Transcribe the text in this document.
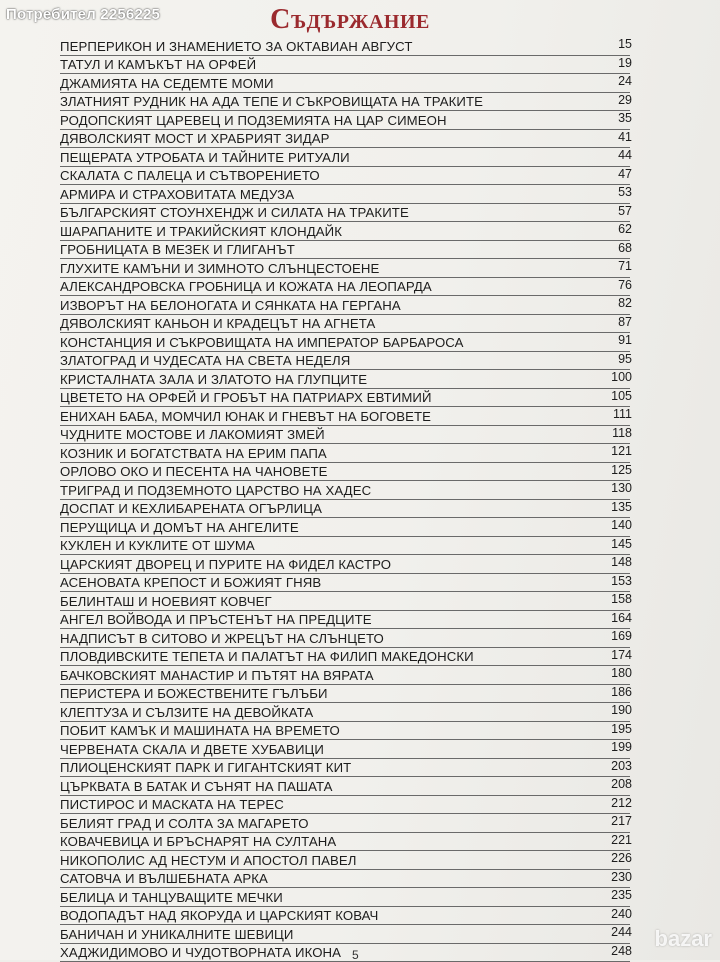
Потребител 2256225	Съдържание
ПЕРПЕРИКОН И ЗНАМЕНИЕТО ЗА ОКТАВИАН АВГУСТ	15
ТАТУЛ И КАМЪКЪТ НА ОРФЕЙ	19
ДЖАМИЯТА НА СЕДЕМТЕ МОМИ	24
ЗЛАТНИЯТ РУДНИК НА АДА ТЕПЕ И СЪКРОВИЩАТА НА ТРАКИТЕ	29
РОДОПСКИЯТ ЦАРЕВЕЦ И ПОДЗЕМИЯТА НА ЦАР СИМЕОН	35
ДЯВОЛСКИЯТ МОСТ И ХРАБРИЯТ ЗИДАР	41
ПЕЩЕРАТА УТРОБАТА И ТАЙНИТЕ РИТУАЛИ	44
СКАЛАТА С ПАЛЕЦА И СЪТВОРЕНИЕТО	47
АРМИРА И СТРАХОВИТАТА МЕДУЗА	53
БЪЛГАРСКИЯТ СТОУНХЕНДЖ И СИЛАТА НА ТРАКИТЕ	57
ШАРАПАНИТЕ И ТРАКИЙСКИЯТ КЛОНДАЙК	62
ГРОБНИЦАТА В МЕЗЕК И ГЛИГАНЪТ	68
ГЛУХИТЕ КАМЪНИ И ЗИМНОТО СЛЪНЦЕСТОЕНЕ	71
АЛЕКСАНДРОВСКА ГРОБНИЦА И КОЖАТА НА ЛЕОПАРДА	76
ИЗВОРЪТ НА БЕЛОНОГАТА И СЯНКАТА НА ГЕРГАНА	82
ДЯВОЛСКИЯТ КАНЬОН И КРАДЕЦЪТ НА АГНЕТА	87
КОНСТАНЦИЯ И СЪКРОВИЩАТА НА ИМПЕРАТОР БАРБАРОСА	91
ЗЛАТОГРАД И ЧУДЕСАТА НА СВЕТА НЕДЕЛЯ	95
КРИСТАЛНАТА ЗАЛА И ЗЛАТОТО НА ГЛУПЦИТЕ	100
ЦВЕТЕТО НА ОРФЕЙ И ГРОБЪТ НА ПАТРИАРХ ЕВТИМИЙ	105
ЕНИХАН БАБА, МОМЧИЛ ЮНАК И ГНЕВЪТ НА БОГОВЕТЕ	111
ЧУДНИТЕ МОСТОВЕ И ЛАКОМИЯТ ЗМЕЙ	118
КОЗНИК И БОГАТСТВАТА НА ЕРИМ ПАПА	121
ОРЛОВО ОКО И ПЕСЕНТА НА ЧАНОВЕТЕ	125
ТРИГРАД И ПОДЗЕМНОТО ЦАРСТВО НА ХАДЕС	130
ДОСПАТ И КЕХЛИБАРЕНАТА ОГЪРЛИЦА	135
ПЕРУЩИЦА И ДОМЪТ НА АНГЕЛИТЕ	140
КУКЛЕН И КУКЛИТЕ ОТ ШУМА	145
ЦАРСКИЯТ ДВОРЕЦ И ПУРИТЕ НА ФИДЕЛ КАСТРО	148
АСЕНОВАТА КРЕПОСТ И БОЖИЯТ ГНЯВ	153
БЕЛИНТАШ И НОЕВИЯТ КОВЧЕГ	158
АНГЕЛ ВОЙВОДА И ПРЪСТЕНЪТ НА ПРЕДЦИТЕ	164
НАДПИСЪТ В СИТОВО И ЖРЕЦЪТ НА СЛЪНЦЕТО	169
ПЛОВДИВСКИТЕ ТЕПЕТА И ПАЛАТЪТ НА ФИЛИП МАКЕДОНСКИ	174
БАЧКОВСКИЯТ МАНАСТИР И ПЪТЯТ НА ВЯРАТА	180
ПЕРИСТЕРА И БОЖЕСТВЕНИТЕ ГЪЛЪБИ	186
КЛЕПТУЗА И СЪЛЗИТЕ НА ДЕВОЙКАТА	190
ПОБИТ КАМЪК И МАШИНАТА НА ВРЕМЕТО	195
ЧЕРВЕНАТА СКАЛА И ДВЕТЕ ХУБАВИЦИ	199
ПЛИОЦЕНСКИЯТ ПАРК И ГИГАНТСКИЯТ КИТ	203
ЦЪРКВАТА В БАТАК И СЪНЯТ НА ПАШАТА	208
ПИСТИРОС И МАСКАТА НА ТЕРЕС	212
БЕЛИЯТ ГРАД И СОЛТА ЗА МАГАРЕТО	217
КОВАЧЕВИЦА И БРЪСНАРЯТ НА СУЛТАНА	221
НИКОПОЛИС АД НЕСТУМ И АПОСТОЛ ПАВЕЛ	226
САТОВЧА И ВЪЛШЕБНАТА АРКА	230
БЕЛИЦА И ТАНЦУВАЩИТЕ МЕЧКИ	235
ВОДОПАДЪТ НАД ЯКОРУДА И ЦАРСКИЯТ КОВАЧ	240
БАНИЧАН И УНИКАЛНИТЕ ШЕВИЦИ	244
ХАДЖИДИМОВО И ЧУДОТВОРНАТА ИКОНА	248
5
bazar
